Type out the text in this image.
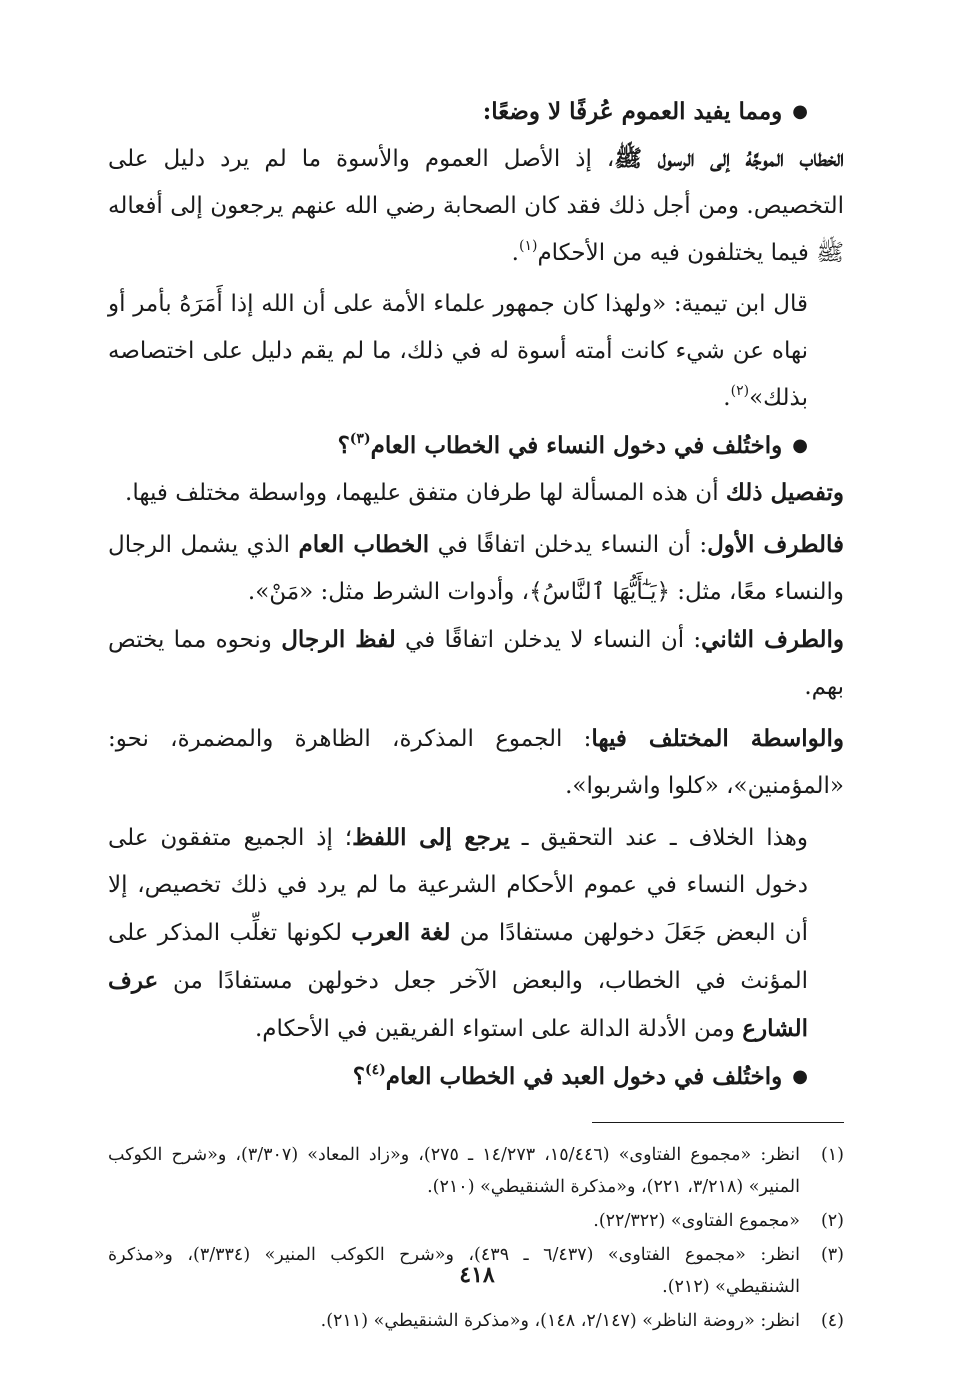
●ومما يفيد العموم عُرفًا لا وضعًا:

الخطاب الموجَّهُ إلى الرسول ﷺ، إذ الأصل العموم والأسوة ما لم يرد دليل على التخصيص. ومن أجل ذلك فقد كان الصحابة رضي الله عنهم يرجعون إلى أفعاله ﷺ فيما يختلفون فيه من الأحكام$^{(١)}$.

قال ابن تيمية: «ولهذا كان جمهور علماء الأمة على أن الله إذا أَمَرَهُ بأمر أو نهاه عن شيء كانت أمته أسوة له في ذلك، ما لم يقم دليل على اختصاصه بذلك»$^{(٢)}$.

●واختُلف في دخول النساء في الخطاب العام$^{(٣)}$؟

وتفصيل ذلك أن هذه المسألة لها طرفان متفق عليهما، وواسطة مختلف فيها.

فالطرف الأول: أن النساء يدخلن اتفاقًا في الخطاب العام الذي يشمل الرجال والنساء معًا، مثل: ﴿يَـٰٓأَيُّهَا ٱلنَّاسُ﴾، وأدوات الشرط مثل: «مَنْ».

والطرف الثاني: أن النساء لا يدخلن اتفاقًا في لفظ الرجال ونحوه مما يختص بهم.

والواسطة المختلف فيها: الجموع المذكرة، الظاهرة والمضمرة، نحو: «المؤمنين»، «كلوا واشربوا».

وهذا الخلاف ـ عند التحقيق ـ يرجع إلى اللفظ؛ إذ الجميع متفقون على دخول النساء في عموم الأحكام الشرعية ما لم يرد في ذلك تخصيص، إلا أن البعض جَعَلَ دخولهن مستفادًا من لغة العرب لكونها تغلِّب المذكر على المؤنث في الخطاب، والبعض الآخر جعل دخولهن مستفادًا من عرف الشارع ومن الأدلة الدالة على استواء الفريقين في الأحكام.

●واختُلف في دخول العبد في الخطاب العام$^{(٤)}$؟

(١)
انظر: «مجموع الفتاوى» (١٥/٤٤٦، ١٤/٢٧٣ ـ ٢٧٥)، و«زاد المعاد» (٣/٣٠٧)، و«شرح الكوكب المنير» (٣/٢١٨، ٢٢١)، و«مذكرة الشنقيطي» (٢١٠).
(٢)
«مجموع الفتاوى» (٢٢/٣٢٢).
(٣)
انظر: «مجموع الفتاوى» (٦/٤٣٧ ـ ٤٣٩)، و«شرح الكوكب المنير» (٣/٣٣٤)، و«مذكرة الشنقيطي» (٢١٢).
(٤)
انظر: «روضة الناظر» (٢/١٤٧، ١٤٨)، و«مذكرة الشنقيطي» (٢١١).
٤١٨
